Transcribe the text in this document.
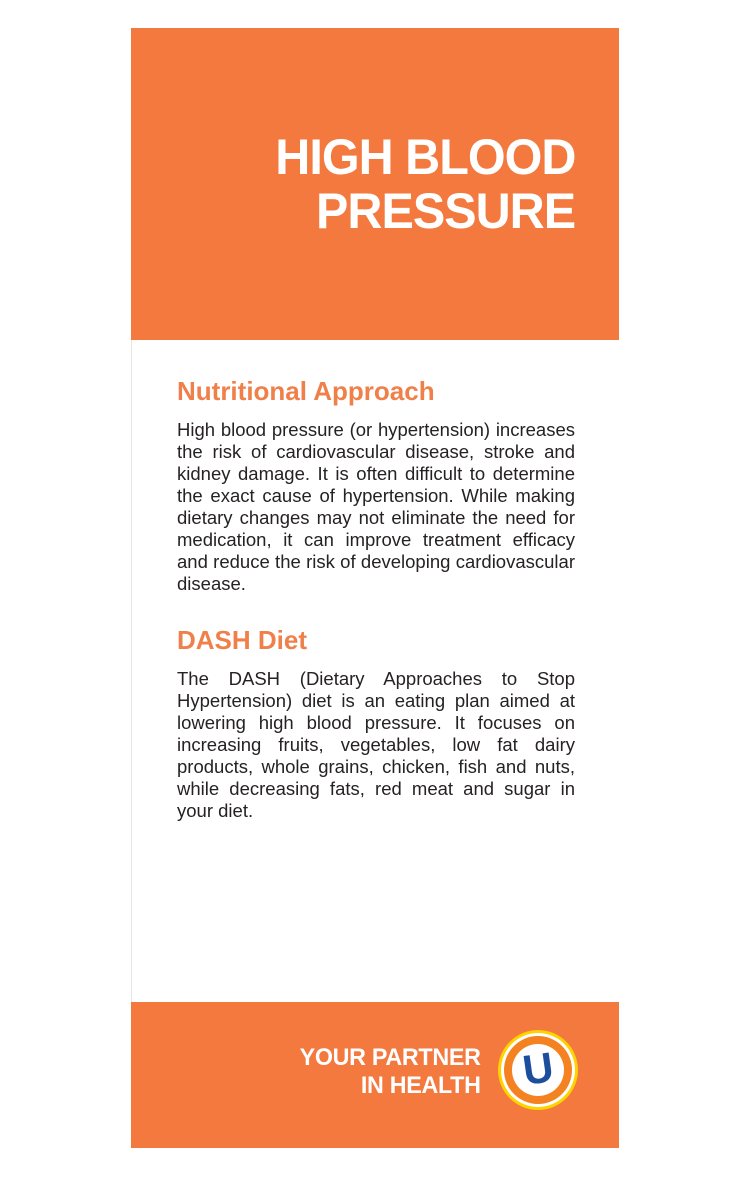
HIGH BLOOD
PRESSURE
Nutritional Approach

High blood pressure (or hypertension) increases the risk of cardiovascular disease, stroke and kidney damage. It is often difficult to determine the exact cause of hypertension. While making dietary changes may not eliminate the need for medication, it can improve treatment efficacy and reduce the risk of developing cardiovascular disease.

DASH Diet

The DASH (Dietary Approaches to Stop Hypertension) diet is an eating plan aimed at lowering high blood pressure. It focuses on increasing fruits, vegetables, low fat dairy products, whole grains, chicken, fish and nuts, while decreasing fats, red meat and sugar in your diet.

YOUR PARTNER
IN HEALTH U
